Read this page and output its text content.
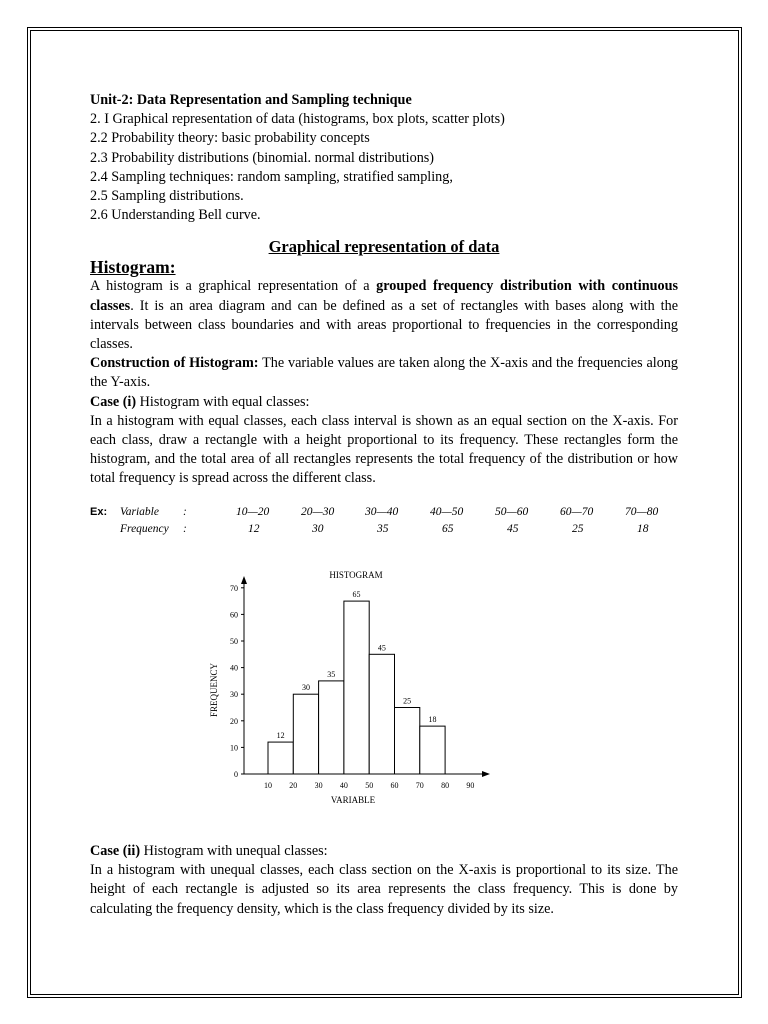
Unit-2: Data Representation and Sampling technique

2. I Graphical representation of data (histograms, box plots, scatter plots)

2.2 Probability theory: basic probability concepts

2.3 Probability distributions (binomial. normal distributions)

2.4 Sampling techniques: random sampling, stratified sampling,

2.5 Sampling distributions.

2.6 Understanding Bell curve.

Graphical representation of data

Histogram:

A histogram is a graphical representation of a grouped frequency distribution with continuous classes. It is an area diagram and can be defined as a set of rectangles with bases along with the intervals between class boundaries and with areas proportional to frequencies in the corresponding classes.

Construction of Histogram: The variable values are taken along the X-axis and the frequencies along the Y-axis.

Case (i) Histogram with equal classes:

In a histogram with equal classes, each class interval is shown as an equal section on the X-axis. For each class, draw a rectangle with a height proportional to its frequency. These rectangles form the histogram, and the total area of all rectangles represents the total frequency of the distribution or how total frequency is spread across the different class.

Ex: Variable :	10—20	20—30	30—40	40—50	50—60	60—70	70—80
Frequency :	12	30	35	65	45	25	18
HISTOGRAM
VARIABLE
FREQUENCY
0
10
20
30
40
50
60
70
10 20 30 40 50 60 70 80 90
12
30
35
65
45
25
18

Case (ii) Histogram with unequal classes:

In a histogram with unequal classes, each class section on the X-axis is proportional to its size. The height of each rectangle is adjusted so its area represents the class frequency. This is done by calculating the frequency density, which is the class frequency divided by its size.
